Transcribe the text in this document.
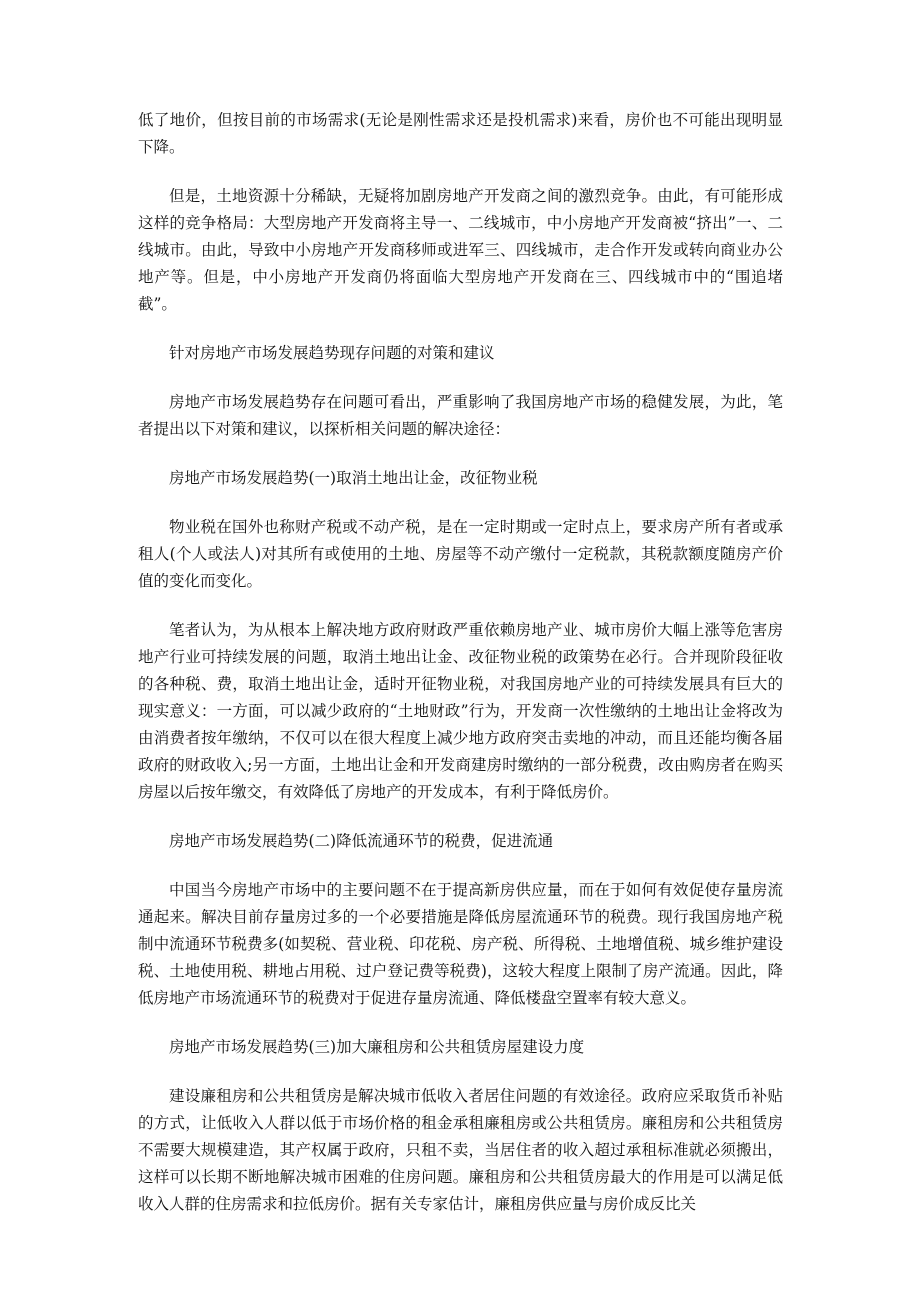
低了地价，但按目前的市场需求(无论是刚性需求还是投机需求)来看，房价也不可能出现明显下降。

但是，土地资源十分稀缺，无疑将加剧房地产开发商之间的激烈竞争。由此，有可能形成这样的竞争格局：大型房地产开发商将主导一、二线城市，中小房地产开发商被“挤出”一、二线城市。由此，导致中小房地产开发商移师或进军三、四线城市，走合作开发或转向商业办公地产等。但是，中小房地产开发商仍将面临大型房地产开发商在三、四线城市中的“围追堵截”。

针对房地产市场发展趋势现存问题的对策和建议

房地产市场发展趋势存在问题可看出，严重影响了我国房地产市场的稳健发展，为此，笔者提出以下对策和建议，以探析相关问题的解决途径：

房地产市场发展趋势(一)取消土地出让金，改征物业税

物业税在国外也称财产税或不动产税，是在一定时期或一定时点上，要求房产所有者或承租人(个人或法人)对其所有或使用的土地、房屋等不动产缴付一定税款，其税款额度随房产价值的变化而变化。

笔者认为，为从根本上解决地方政府财政严重依赖房地产业、城市房价大幅上涨等危害房地产行业可持续发展的问题，取消土地出让金、改征物业税的政策势在必行。合并现阶段征收的各种税、费，取消土地出让金，适时开征物业税，对我国房地产业的可持续发展具有巨大的现实意义：一方面，可以减少政府的“土地财政”行为，开发商一次性缴纳的土地出让金将改为由消费者按年缴纳，不仅可以在很大程度上减少地方政府突击卖地的冲动，而且还能均衡各届政府的财政收入;另一方面，土地出让金和开发商建房时缴纳的一部分税费，改由购房者在购买房屋以后按年缴交，有效降低了房地产的开发成本，有利于降低房价。

房地产市场发展趋势(二)降低流通环节的税费，促进流通

中国当今房地产市场中的主要问题不在于提高新房供应量，而在于如何有效促使存量房流通起来。解决目前存量房过多的一个必要措施是降低房屋流通环节的税费。现行我国房地产税制中流通环节税费多(如契税、营业税、印花税、房产税、所得税、土地增值税、城乡维护建设税、土地使用税、耕地占用税、过户登记费等税费)，这较大程度上限制了房产流通。因此，降低房地产市场流通环节的税费对于促进存量房流通、降低楼盘空置率有较大意义。

房地产市场发展趋势(三)加大廉租房和公共租赁房屋建设力度

建设廉租房和公共租赁房是解决城市低收入者居住问题的有效途径。政府应采取货币补贴的方式，让低收入人群以低于市场价格的租金承租廉租房或公共租赁房。廉租房和公共租赁房不需要大规模建造，其产权属于政府，只租不卖，当居住者的收入超过承租标准就必须搬出，这样可以长期不断地解决城市困难的住房问题。廉租房和公共租赁房最大的作用是可以满足低收入人群的住房需求和拉低房价。据有关专家估计，廉租房供应量与房价成反比关
